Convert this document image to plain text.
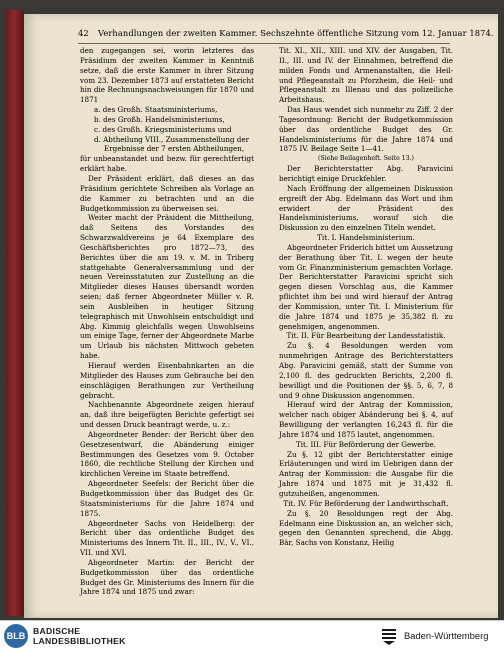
42 Verhandlungen der zweiten Kammer. Sechszehnte öffentliche Sitzung vom 12. Januar 1874.

den zugegangen sei, worin letzteres das Präsidium der zweiten Kammer in Kenntniß setze, daß die erste Kammer in ihrer Sitzung vom 23. Dezember 1873 auf erstatteten Bericht hin die Rechnungsnachweisungen für 1870 und 1871

a. des Großh. Staatsministeriums,
b. des Großh. Handelsministeriums,
c. des Großh. Kriegsministeriums und
d. Abtheilung VIII., Zusammenstellung der Ergebnisse der 7 ersten Abtheilungen,

für unbeanstandet und bezw. für gerechtfertigt erklärt habe.

Der Präsident erklärt, daß dieses an das Präsidium gerichtete Schreiben als Vorlage an die Kammer zu betrachten und an die Budgetkommission zu überweisen sei.

Weiter macht der Präsident die Mittheilung, daß Seitens des Vorstandes des Schwarzwaldvereins je 64 Exemplare des Geschäftsberichtes pro 1872—73, des Berichtes über die am 19. v. M. in Triberg stattgehabte Generalversammlung und der neuen Vereinsstatuten zur Zustellung an die Mitglieder dieses Hauses übersandt worden seien; daß ferner Abgeordneter Müller v. R. sein Ausbleiben in heutiger Sitzung telegraphisch mit Unwohlsein entschuldigt und Abg. Kimmig gleichfalls wegen Unwohlseins um einige Tage, ferner der Abgeordnete Marbe um Urlaub bis nächsten Mittwoch gebeten habe.

Hierauf werden Eisenbahnkarten an die Mitglieder des Hauses zum Gebrauche bei den einschlägigen Berathungen zur Vertheilung gebracht.

Nachbenannte Abgeordnete zeigen hierauf an, daß ihre beigefügten Berichte gefertigt sei und dessen Druck beantragt werde, u. z.:

Abgeordneter Bender: der Bericht über den Gesetzesentwurf, die Abänderung einiger Bestimmungen des Gesetzes vom 9. October 1860, die rechtliche Stellung der Kirchen und kirchlichen Vereine im Staate betreffend.

Abgeordneter Seefels: der Bericht über die Budgetkommission über das Budget des Gr. Staatsministeriums für die Jahre 1874 und 1875.

Abgeordneter Sachs von Heidelberg: der Bericht über das ordentliche Budget des Ministeriums des Innern Tit. II., III., IV., V., VI., VII. und XVI.

Abgeordneter Martin: der Bericht der Budgetkommission über das ordentliche Budget des Gr. Ministeriums des Innern für die Jahre 1874 und 1875 und zwar:

Tit. XI., XII., XIII. und XIV. der Ausgaben, Tit. II., III. und IV. der Einnahmen, betreffend die milden Fonds und Armenanstalten, die Heil- und Pflegeanstalt zu Pforzheim, die Heil- und Pflegeanstalt zu Illenau und das polizeiliche Arbeitshaus.

Das Haus wendet sich nunmehr zu Ziff. 2 der Tagesordnung: Bericht der Budgetkommission über das ordentliche Budget des Gr. Handelsministeriums für die Jahre 1874 und 1875 IV. Beilage Seite 1—41.

(Siehe Beilagenheft. Seite 13.)

Der Berichterstatter Abg. Paravicini berichtigt einige Druckfehler.

Nach Eröffnung der allgemeinen Diskussion ergreift der Abg. Edelmann das Wort und ihm erwidert der Präsident des Handelsministeriums, worauf sich die Diskussion zu den einzelnen Titeln wendet.

Tit. I. Handelsministerium.

Abgeordneter Friderich bittet um Aussetzung der Berathung über Tit. I. wegen der heute vom Gr. Finanzministerium gemachten Vorlage. Der Berichterstatter Paravicini spricht sich gegen diesen Vorschlag aus, die Kammer pflichtet ihm bei und wird hierauf der Antrag der Kommission, unter Tit. I. Ministerium für die Jahre 1874 und 1875 je 35,382 fl. zu genehmigen, angenommen.

Tit. II. Für Bearbeitung der Landesstatistik.

Zu §. 4 Besoldungen werden vom nunmehrigen Antrage des Berichterstatters Abg. Paravicini gemäß, statt der Summe von 2,100 fl. des gedruckten Berichts, 2,200 fl. bewilligt und die Positionen der §§. 5, 6, 7, 8 und 9 ohne Diskussion angenommen.

Hierauf wird der Antrag der Kommission, welcher nach obiger Abänderung bei §. 4, auf Bewilligung der verlangten 16,243 fl. für die Jahre 1874 und 1875 lautet, angenommen.

Tit. III. Für Beförderung der Gewerbe.

Zu §. 12 gibt der Berichterstatter einige Erläuterungen und wird im Uebrigen dann der Antrag der Kommission: die Ausgabe für die Jahre 1874 und 1875 mit je 31,432 fl. gutzuheißen, angenommen.

Tit. IV. Für Beförderung der Landwirthschaft.

Zu §. 20 Besoldungen regt der Abg. Edelmann eine Diskussion an, an welcher sich, gegen den Genannten sprechend, die Abgg. Bär, Sachs von Konstanz, Heilig

BLB BADISCHE
LANDESBIBLIOTHEK	Baden-Württemberg
